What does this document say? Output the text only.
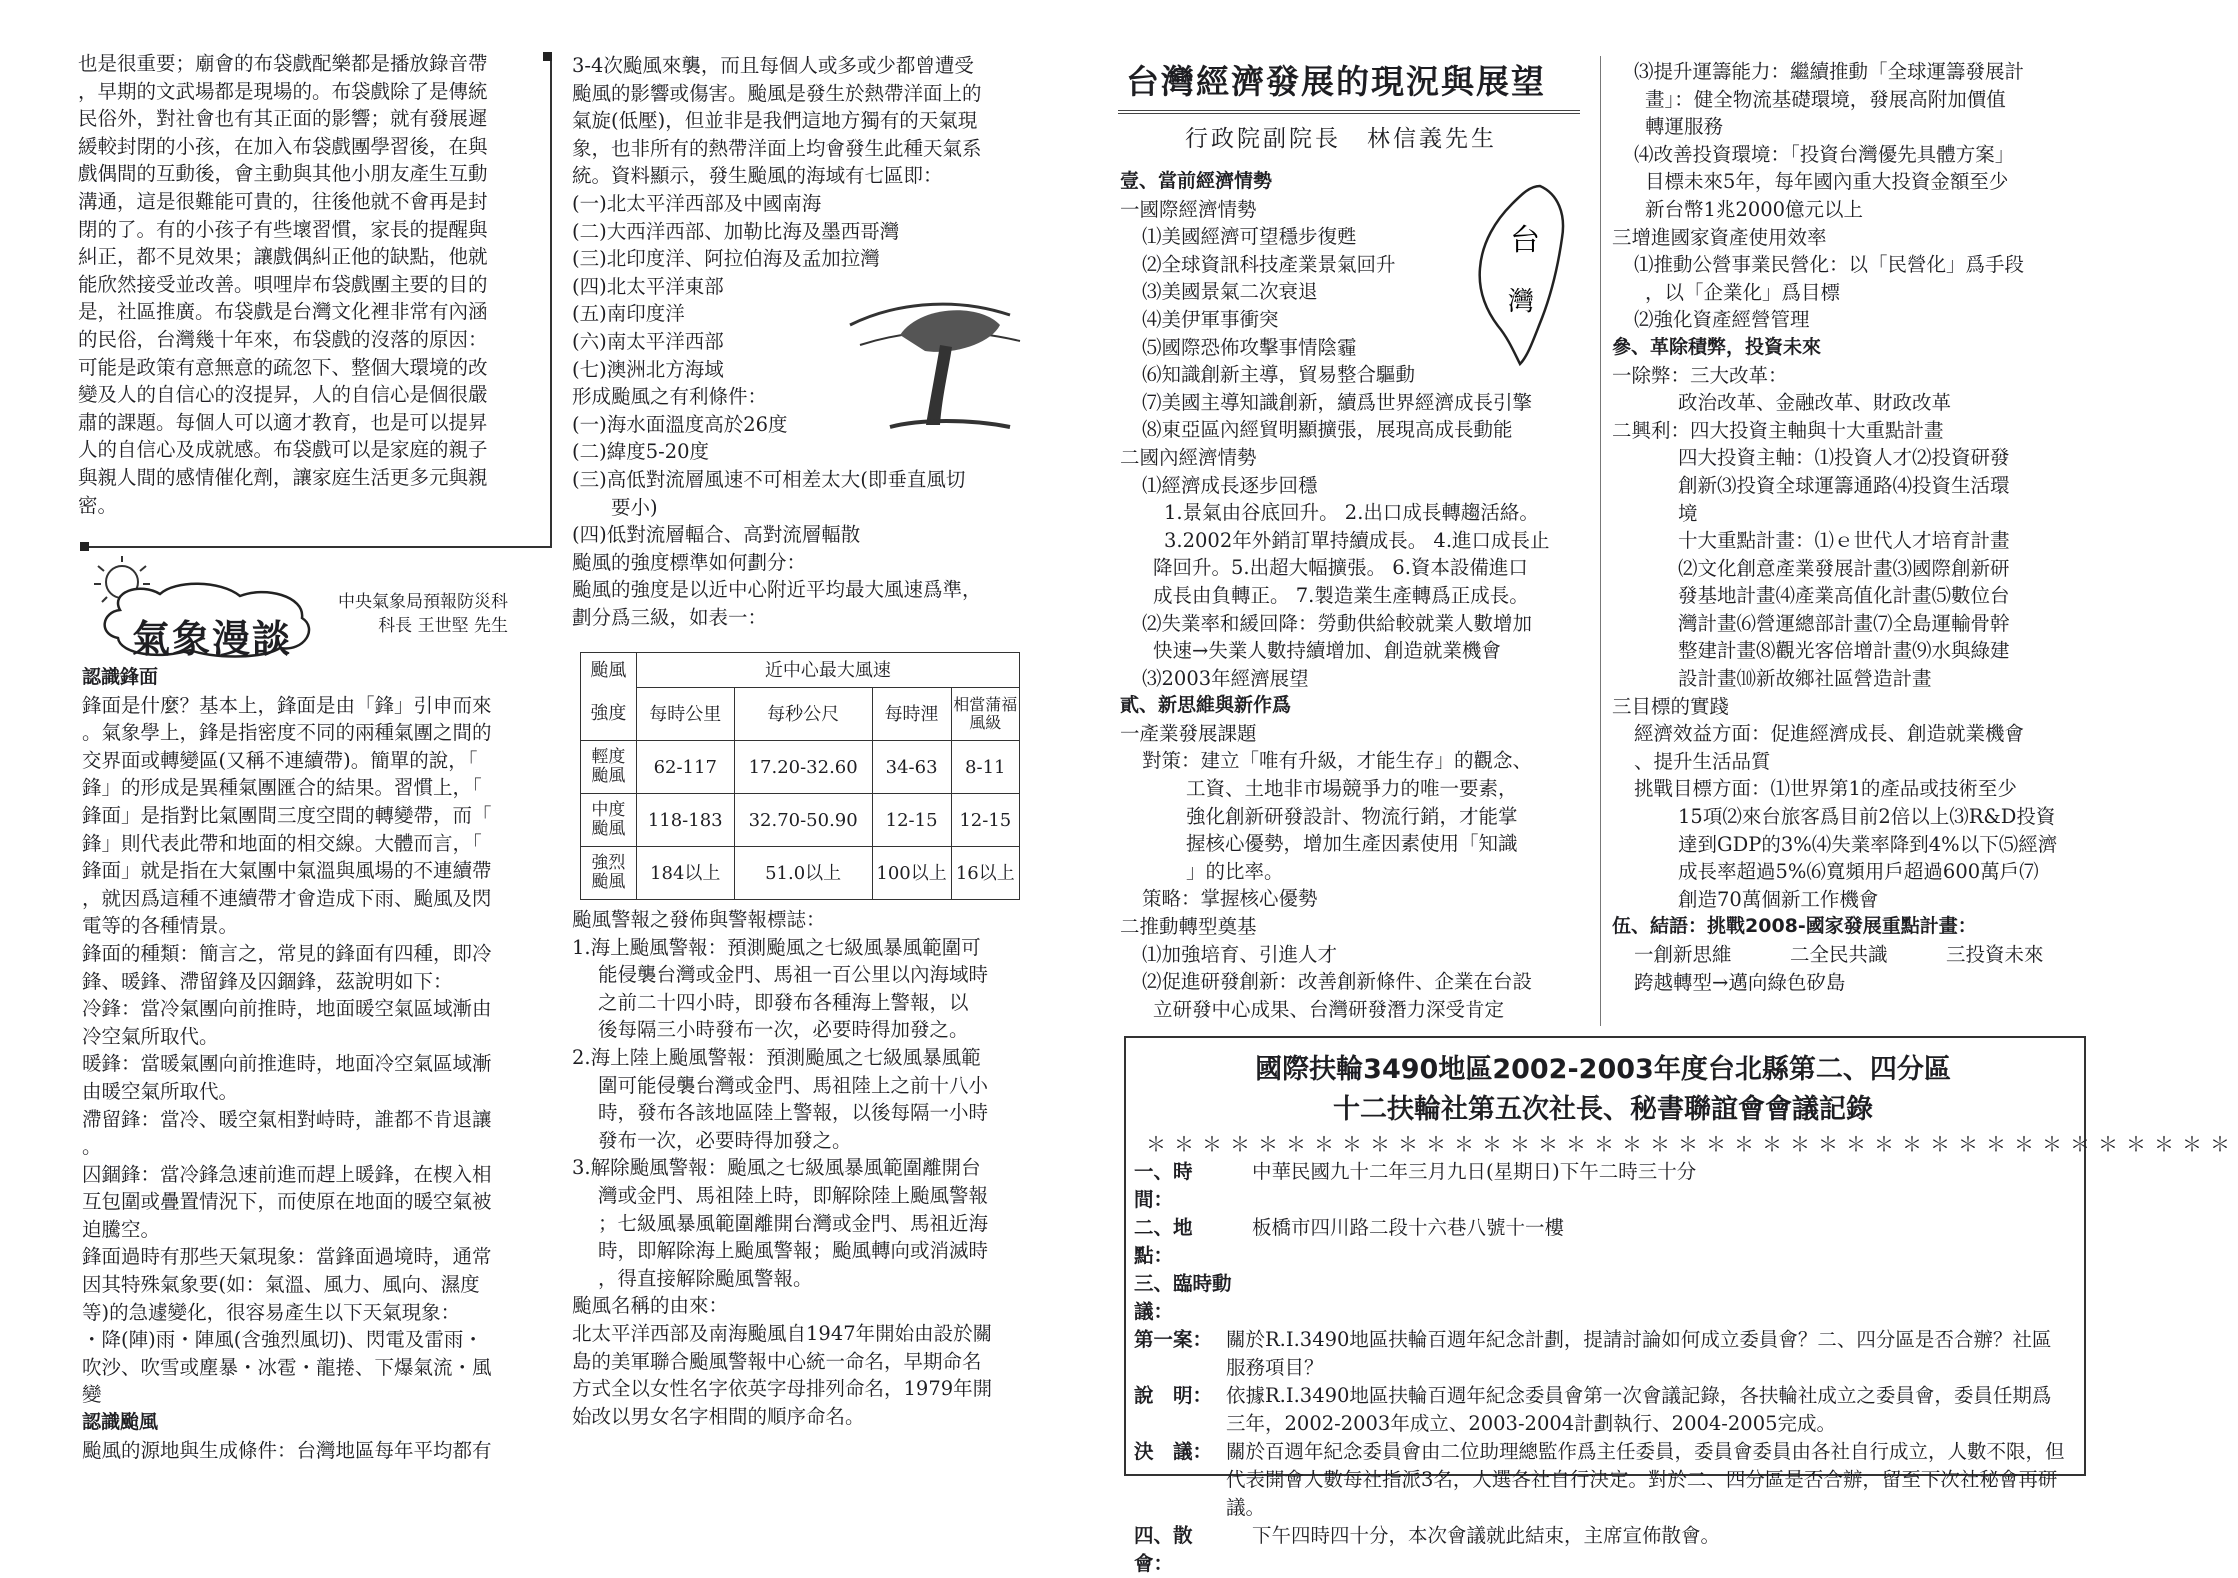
也是很重要；廟會的布袋戲配樂都是播放錄音帶

，早期的文武場都是現場的。布袋戲除了是傳統

民俗外，對社會也有其正面的影響；就有發展遲

緩較封閉的小孩，在加入布袋戲團學習後，在與

戲偶間的互動後，會主動與其他小朋友產生互動

溝通，這是很難能可貴的，往後他就不會再是封

閉的了。有的小孩子有些壞習慣，家長的提醒與

糾正，都不見效果；讓戲偶糾正他的缺點，他就

能欣然接受並改善。唄哩岸布袋戲團主要的目的

是，社區推廣。布袋戲是台灣文化裡非常有內涵

的民俗，台灣幾十年來，布袋戲的沒落的原因：

可能是政策有意無意的疏忽下、整個大環境的改

變及人的自信心的沒提昇，人的自信心是個很嚴

肅的課題。每個人可以適才教育，也是可以提昇

人的自信心及成就感。布袋戲可以是家庭的親子

與親人間的感情催化劑，讓家庭生活更多元與親

密。

氣象漫談
中央氣象局預報防災科
科長 王世堅 先生

認識鋒面

鋒面是什麼？基本上，鋒面是由「鋒」引申而來

。氣象學上，鋒是指密度不同的兩種氣團之間的

交界面或轉變區(又稱不連續帶)。簡單的說，「

鋒」的形成是異種氣團匯合的結果。習慣上，「

鋒面」是指對比氣團間三度空間的轉變帶，而「

鋒」則代表此帶和地面的相交線。大體而言，「

鋒面」就是指在大氣團中氣溫與風場的不連續帶

，就因爲這種不連續帶才會造成下雨、颱風及閃

電等的各種情景。

鋒面的種類：簡言之，常見的鋒面有四種，即冷

鋒、暖鋒、滯留鋒及囚錮鋒，茲說明如下：

冷鋒：當冷氣團向前推時，地面暖空氣區域漸由

冷空氣所取代。

暖鋒：當暖氣團向前推進時，地面冷空氣區域漸

由暖空氣所取代。

滯留鋒：當冷、暖空氣相對峙時，誰都不肯退讓

。

囚錮鋒：當冷鋒急速前進而趕上暖鋒，在楔入相

互包圍或疊置情況下，而使原在地面的暖空氣被

迫騰空。

鋒面過時有那些天氣現象：當鋒面過境時，通常

因其特殊氣象要(如：氣溫、風力、風向、濕度

等)的急遽變化，很容易產生以下天氣現象：

・降(陣)雨・陣風(含強烈風切)、閃電及雷雨・

吹沙、吹雪或塵暴・冰雹・龍捲、下爆氣流・風

變

認識颱風

颱風的源地與生成條件：台灣地區每年平均都有

3-4次颱風來襲，而且每個人或多或少都曾遭受

颱風的影響或傷害。颱風是發生於熱帶洋面上的

氣旋(低壓)，但並非是我們這地方獨有的天氣現

象，也非所有的熱帶洋面上均會發生此種天氣系

統。資料顯示，發生颱風的海域有七區即：

(一)北太平洋西部及中國南海

(二)大西洋西部、加勒比海及墨西哥灣

(三)北印度洋、阿拉伯海及孟加拉灣

(四)北太平洋東部

(五)南印度洋

(六)南太平洋西部

(七)澳洲北方海域

形成颱風之有利條件：

(一)海水面溫度高於26度

(二)緯度5-20度

(三)高低對流層風速不可相差太大(即垂直風切

　　要小)

(四)低對流層輻合、高對流層輻散

颱風的強度標準如何劃分：

颱風的強度是以近中心附近平均最大風速爲準，

劃分爲三級，如表一：

颱風	近中心最大風速			
強度	每時公里	每秒公尺	每時浬	相當蒲福風級
輕度颱風	62-117	17.20-32.60	34-63	8-11
中度颱風	118-183	32.70-50.90	12-15	12-15
強烈颱風	184以上	51.0以上	100以上	16以上

颱風警報之發佈與警報標誌：

1.海上颱風警報：預測颱風之七級風暴風範圍可

能侵襲台灣或金門、馬祖一百公里以內海域時

之前二十四小時，即發布各種海上警報，以

後每隔三小時發布一次，必要時得加發之。

2.海上陸上颱風警報：預測颱風之七級風暴風範

圍可能侵襲台灣或金門、馬祖陸上之前十八小

時，發布各該地區陸上警報，以後每隔一小時

發布一次，必要時得加發之。

3.解除颱風警報：颱風之七級風暴風範圍離開台

灣或金門、馬祖陸上時，即解除陸上颱風警報

；七級風暴風範圍離開台灣或金門、馬祖近海

時，即解除海上颱風警報；颱風轉向或消滅時

，得直接解除颱風警報。

颱風名稱的由來：

北太平洋西部及南海颱風自1947年開始由設於關

島的美軍聯合颱風警報中心統一命名，早期命名

方式全以女性名字依英字母排列命名，1979年開

始改以男女名字相間的順序命名。

台灣經濟發展的現況與展望
行政院副院長　林信義先生
台
灣

壹、當前經濟情勢

一國際經濟情勢

⑴美國經濟可望穩步復甦

⑵全球資訊科技產業景氣回升

⑶美國景氣二次衰退

⑷美伊軍事衝突

⑸國際恐佈攻擊事情陰霾

⑹知識創新主導，貿易整合驅動

⑺美國主導知識創新，續爲世界經濟成長引擎

⑻東亞區內經貿明顯擴張，展現高成長動能

二國內經濟情勢

⑴經濟成長逐步回穩

1.景氣由谷底回升。 2.出口成長轉趨活絡。

3.2002年外銷訂單持續成長。 4.進口成長止

降回升。5.出超大幅擴張。 6.資本設備進口

成長由負轉正。 7.製造業生產轉爲正成長。

⑵失業率和緩回降：勞動供給較就業人數增加

快速→失業人數持續增加、創造就業機會

⑶2003年經濟展望

貳、新思維與新作爲

一產業發展課題

對策：建立「唯有升級，才能生存」的觀念、

工資、土地非市場競爭力的唯一要素，

強化創新研發設計、物流行銷，才能掌

握核心優勢，增加生產因素使用「知識

」的比率。

策略：掌握核心優勢

二推動轉型奠基

⑴加強培育、引進人才

⑵促進研發創新：改善創新條件、企業在台設

立研發中心成果、台灣研發潛力深受肯定

⑶提升運籌能力：繼續推動「全球運籌發展計

畫」：健全物流基礎環境，發展高附加價值

轉運服務

⑷改善投資環境：「投資台灣優先具體方案」

目標未來5年，每年國內重大投資金額至少

新台幣1兆2000億元以上

三增進國家資產使用效率

⑴推動公營事業民營化：以「民營化」爲手段

，以「企業化」爲目標

⑵強化資產經營管理

參、革除積弊，投資未來

一除弊：三大改革：

政治改革、金融改革、財政改革

二興利：四大投資主軸與十大重點計畫

四大投資主軸：⑴投資人才⑵投資研發

創新⑶投資全球運籌通路⑷投資生活環

境

十大重點計畫：⑴ｅ世代人才培育計畫

⑵文化創意產業發展計畫⑶國際創新研

發基地計畫⑷產業高值化計畫⑸數位台

灣計畫⑹營運總部計畫⑺全島運輸骨幹

整建計畫⑻觀光客倍增計畫⑼水與綠建

設計畫⑽新故鄉社區營造計畫

三目標的實踐

經濟效益方面：促進經濟成長、創造就業機會

、提升生活品質

挑戰目標方面：⑴世界第1的產品或技術至少

15項⑵來台旅客爲目前2倍以上⑶R&D投資

達到GDP的3%⑷失業率降到4%以下⑸經濟

成長率超過5%⑹寬頻用戶超過600萬戶⑺

創造70萬個新工作機會

伍、結語：挑戰2008-國家發展重點計畫：

一創新思維　　　二全民共識　　　三投資未來

跨越轉型→邁向綠色矽島

國際扶輪3490地區2002-2003年度台北縣第二、四分區
十二扶輪社第五次社長、秘書聯誼會會議記錄
＊＊＊＊＊＊＊＊＊＊＊＊＊＊＊＊＊＊＊＊＊＊＊＊＊＊＊＊＊＊＊＊＊＊＊＊＊＊＊
一、時　　間：
中華民國九十二年三月九日(星期日)下午二時三十分
二、地　　點：
板橋市四川路二段十六巷八號十一樓
三、臨時動議：
第一案： 關於R.I.3490地區扶輪百週年紀念計劃，提請討論如何成立委員會？二、四分區是否合辦？社區服務項目？
說　明： 依據R.I.3490地區扶輪百週年紀念委員會第一次會議記錄，各扶輪社成立之委員會，委員任期爲三年，2002-2003年成立、2003-2004計劃執行、2004-2005完成。
決　議： 關於百週年紀念委員會由二位助理總監作爲主任委員，委員會委員由各社自行成立，人數不限，但代表開會人數每社指派3名，人選各社自行決定。對於二、四分區是否合辦，留至下次社秘會再研議。
四、散　　會：
下午四時四十分，本次會議就此結束，主席宣佈散會。
